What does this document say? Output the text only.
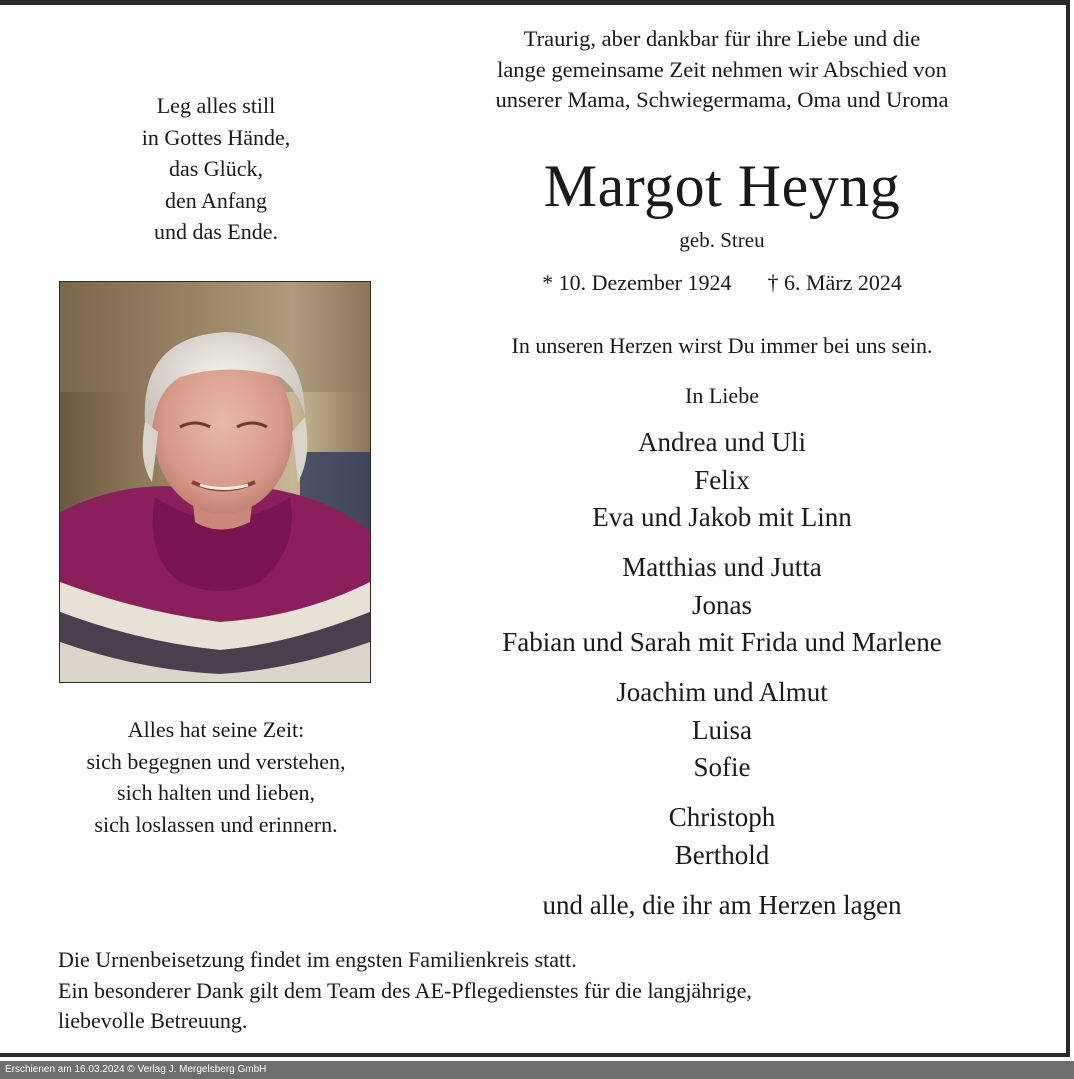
Leg alles still
in Gottes Hände,
das Glück,
den Anfang
und das Ende.
Alles hat seine Zeit:
sich begegnen und verstehen,
sich halten und lieben,
sich loslassen und erinnern.
Traurig, aber dankbar für ihre Liebe und die
lange gemeinsame Zeit nehmen wir Abschied von
unserer Mama, Schwiegermama, Oma und Uroma
Margot Heyng
geb. Streu
* 10. Dezember 1924 † 6. März 2024
In unseren Herzen wirst Du immer bei uns sein.
In Liebe
Andrea und Uli
Felix
Eva und Jakob mit Linn
Matthias und Jutta
Jonas
Fabian und Sarah mit Frida und Marlene
Joachim und Almut
Luisa
Sofie
Christoph
Berthold
und alle, die ihr am Herzen lagen
Die Urnenbeisetzung findet im engsten Familienkreis statt.
Ein besonderer Dank gilt dem Team des AE-Pflegedienstes für die langjährige,
liebevolle Betreuung.
Erschienen am 16.03.2024 © Verlag J. Mergelsberg GmbH
